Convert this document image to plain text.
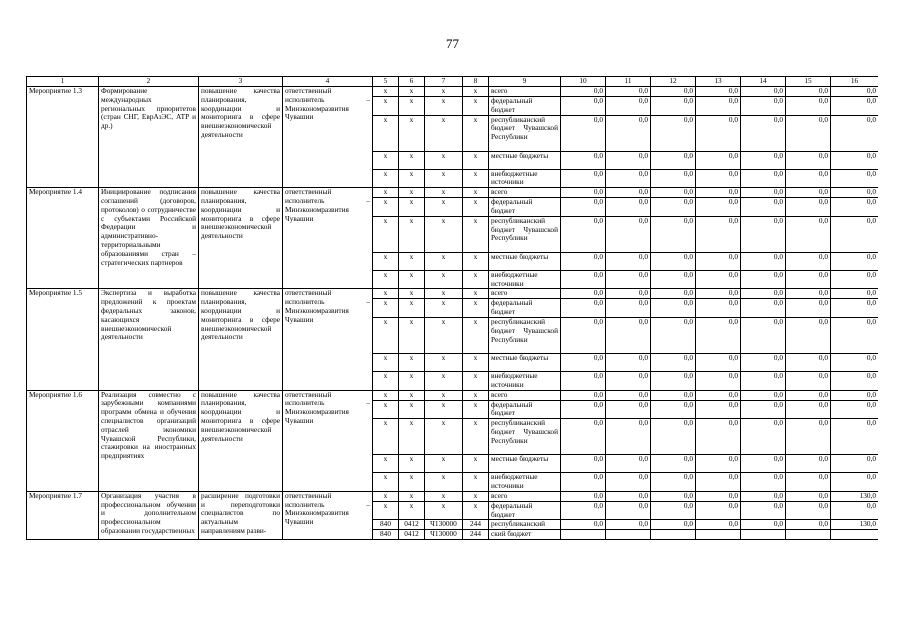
77
1	2	3	4	5	6	7	8	9	10	11	12	13	14	15	16
Мероприятие 1.3	Формирование международных региональных приоритетов (стран СНГ, ЕврАзЭС, АТР и др.)	повышение качества планирования, координации и мониторинга в сфере внешнеэкономической деятельности	ответственный исполнитель – Минэкономразвития Чувашии	x	x	x	x	всего	0,0	0,0	0,0	0,0	0,0	0,0	0,0
				x	x	x	x	федеральный бюджет	0,0	0,0	0,0	0,0	0,0	0,0	0,0
				x	x	x	x	республиканский бюджет Чувашской Республики	0,0	0,0	0,0	0,0	0,0	0,0	0,0
				x	x	x	x	местные бюджеты	0,0	0,0	0,0	0,0	0,0	0,0	0,0
				x	x	x	x	внебюджетные источники	0,0	0,0	0,0	0,0	0,0	0,0	0,0
Мероприятие 1.4	Инициирование подписания соглашений (договоров, протоколов) о сотрудничестве с субъектами Российской Федерации и административно-территориальными образованиями стран – стратегических партнеров	повышение качества планирования, координации и мониторинга в сфере внешнеэкономической деятельности	ответственный исполнитель – Минэкономразвития Чувашии	x	x	x	x	всего	0,0	0,0	0,0	0,0	0,0	0,0	0,0
				x	x	x	x	федеральный бюджет	0,0	0,0	0,0	0,0	0,0	0,0	0,0
				x	x	x	x	республиканский бюджет Чувашской Республики	0,0	0,0	0,0	0,0	0,0	0,0	0,0
				x	x	x	x	местные бюджеты	0,0	0,0	0,0	0,0	0,0	0,0	0,0
				x	x	x	x	внебюджетные источники	0,0	0,0	0,0	0,0	0,0	0,0	0,0
Мероприятие 1.5	Экспертиза и выработка предложений к проектам федеральных законов, касающихся внешнеэкономической деятельности	повышение качества планирования, координации и мониторинга в сфере внешнеэкономической деятельности	ответственный исполнитель – Минэкономразвития Чувашии	x	x	x	x	всего	0,0	0,0	0,0	0,0	0,0	0,0	0,0
				x	x	x	x	федеральный бюджет	0,0	0,0	0,0	0,0	0,0	0,0	0,0
				x	x	x	x	республиканский бюджет Чувашской Республики	0,0	0,0	0,0	0,0	0,0	0,0	0,0
				x	x	x	x	местные бюджеты	0,0	0,0	0,0	0,0	0,0	0,0	0,0
				x	x	x	x	внебюджетные источники	0,0	0,0	0,0	0,0	0,0	0,0	0,0
Мероприятие 1.6	Реализация совместно с зарубежными компаниями программ обмена и обучения специалистов организаций отраслей экономики Чувашской Республики, стажировки на иностранных предприятиях	повышение качества планирования, координации и мониторинга в сфере внешнеэкономической деятельности	ответственный исполнитель – Минэкономразвития Чувашии	x	x	x	x	всего	0,0	0,0	0,0	0,0	0,0	0,0	0,0
				x	x	x	x	федеральный бюджет	0,0	0,0	0,0	0,0	0,0	0,0	0,0
				x	x	x	x	республиканский бюджет Чувашской Республики	0,0	0,0	0,0	0,0	0,0	0,0	0,0
				x	x	x	x	местные бюджеты	0,0	0,0	0,0	0,0	0,0	0,0	0,0
				x	x	x	x	внебюджетные источники	0,0	0,0	0,0	0,0	0,0	0,0	0,0
Мероприятие 1.7	Организация участия в профессиональном обучении и дополнительном профессиональном образовании государственных	расширение подготовки и переподготовки специалистов по актуальным направлениям разви-	ответственный исполнитель – Минэкономразвития Чувашии	x	x	x	x	всего	0,0	0,0	0,0	0,0	0,0	0,0	130,0
				x	x	x	x	федеральный бюджет	0,0	0,0	0,0	0,0	0,0	0,0	0,0
				840	0412	Ч130000	244	республиканский	0,0	0,0	0,0	0,0	0,0	0,0	130,0
				840	0412	Ч130000	244	ский бюджет							
